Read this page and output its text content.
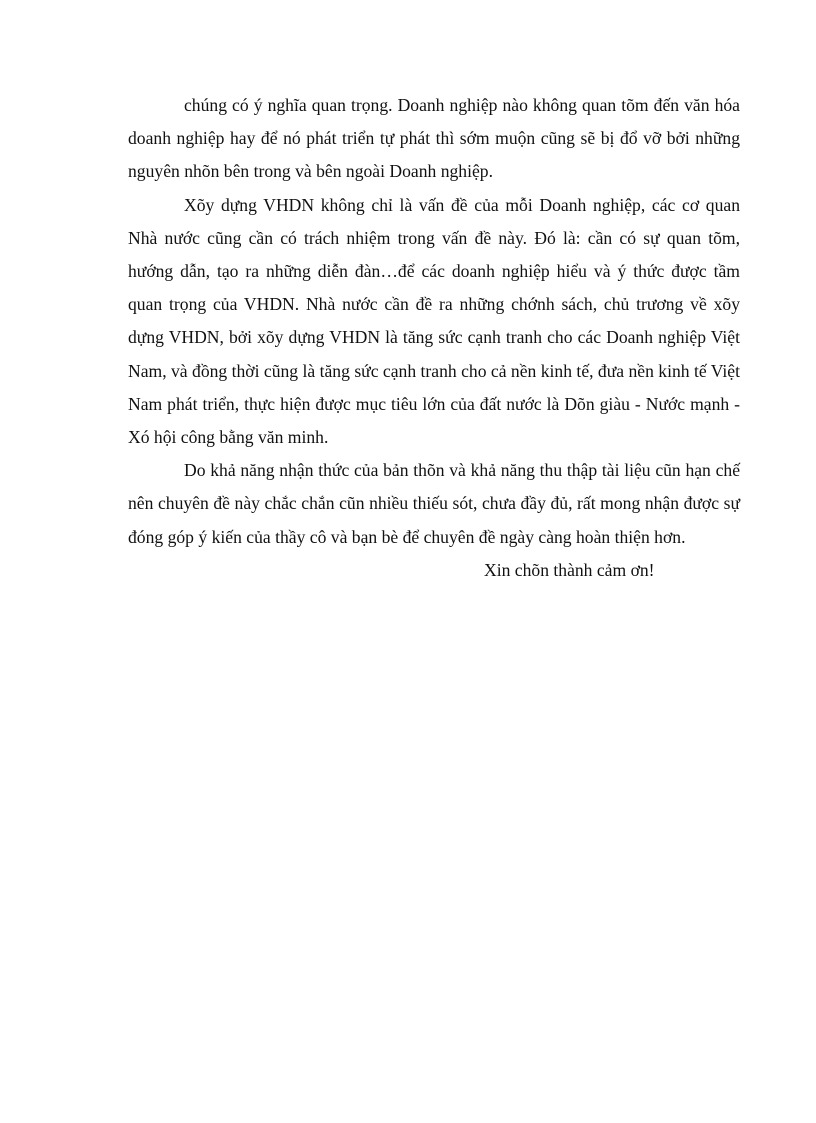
chúng có ý nghĩa quan trọng. Doanh nghiệp nào không quan tõm đến văn hóa doanh nghiệp hay để nó phát triển tự phát thì sớm muộn cũng sẽ bị đổ vỡ bởi những nguyên nhõn bên trong và bên ngoài Doanh nghiệp.

Xõy dựng VHDN không chỉ là vấn đề của mỗi Doanh nghiệp, các cơ quan Nhà nước cũng cần có trách nhiệm trong vấn đề này. Đó là: cần có sự quan tõm, hướng dẫn, tạo ra những diễn đàn…để các doanh nghiệp hiểu và ý thức được tầm quan trọng của VHDN. Nhà nước cần đề ra những chớnh sách, chủ trương về xõy dựng VHDN, bởi xõy dựng VHDN là tăng sức cạnh tranh cho các Doanh nghiệp Việt Nam, và đồng thời cũng là tăng sức cạnh tranh cho cả nền kinh tế, đưa nền kinh tế Việt Nam phát triển, thực hiện được mục tiêu lớn của đất nước là Dõn giàu - Nước mạnh - Xó hội công bằng văn minh.

Do khả năng nhận thức của bản thõn và khả năng thu thập tài liệu cũn hạn chế nên chuyên đề này chắc chắn cũn nhiều thiếu sót, chưa đầy đủ, rất mong nhận được sự đóng góp ý kiến của thầy cô và bạn bè để chuyên đề ngày càng hoàn thiện hơn.

Xin chõn thành cảm ơn!
